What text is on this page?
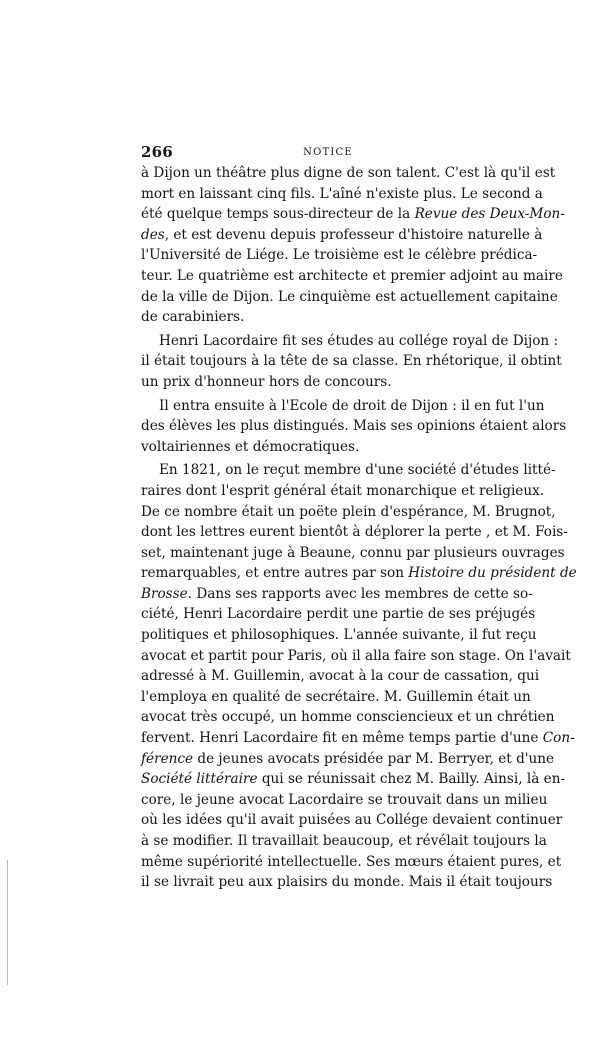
266	NOTICE
à Dijon un théâtre plus digne de son talent. C'est là qu'il est
mort en laissant cinq fils. L'aîné n'existe plus. Le second a
été quelque temps sous-directeur de la Revue des Deux-Mon-
des, et est devenu depuis professeur d'histoire naturelle à
l'Université de Liége. Le troisième est le célèbre prédica-
teur. Le quatrième est architecte et premier adjoint au maire
de la ville de Dijon. Le cinquième est actuellement capitaine
de carabiniers.
Henri Lacordaire fit ses études au collége royal de Dijon :
il était toujours à la tête de sa classe. En rhétorique, il obtint
un prix d'honneur hors de concours.
Il entra ensuite à l'Ecole de droit de Dijon : il en fut l'un
des élèves les plus distingués. Mais ses opinions étaient alors
voltairiennes et démocratiques.
En 1821, on le reçut membre d'une société d'études litté-
raires dont l'esprit général était monarchique et religieux.
De ce nombre était un poëte plein d'espérance, M. Brugnot,
dont les lettres eurent bientôt à déplorer la perte , et M. Fois-
set, maintenant juge à Beaune, connu par plusieurs ouvrages
remarquables, et entre autres par son Histoire du président de
Brosse. Dans ses rapports avec les membres de cette so-
ciété, Henri Lacordaire perdit une partie de ses préjugés
politiques et philosophiques. L'année suivante, il fut reçu
avocat et partit pour Paris, où il alla faire son stage. On l'avait
adressé à M. Guillemin, avocat à la cour de cassation, qui
l'employa en qualité de secrétaire. M. Guillemin était un
avocat très occupé, un homme consciencieux et un chrétien
fervent. Henri Lacordaire fit en même temps partie d'une Con-
férence de jeunes avocats présidée par M. Berryer, et d'une
Société littéraire qui se réunissait chez M. Bailly. Ainsi, là en-
core, le jeune avocat Lacordaire se trouvait dans un milieu
où les idées qu'il avait puisées au Collége devaient continuer
à se modifier. Il travaillait beaucoup, et révélait toujours la
même supériorité intellectuelle. Ses mœurs étaient pures, et
il se livrait peu aux plaisirs du monde. Mais il était toujours
